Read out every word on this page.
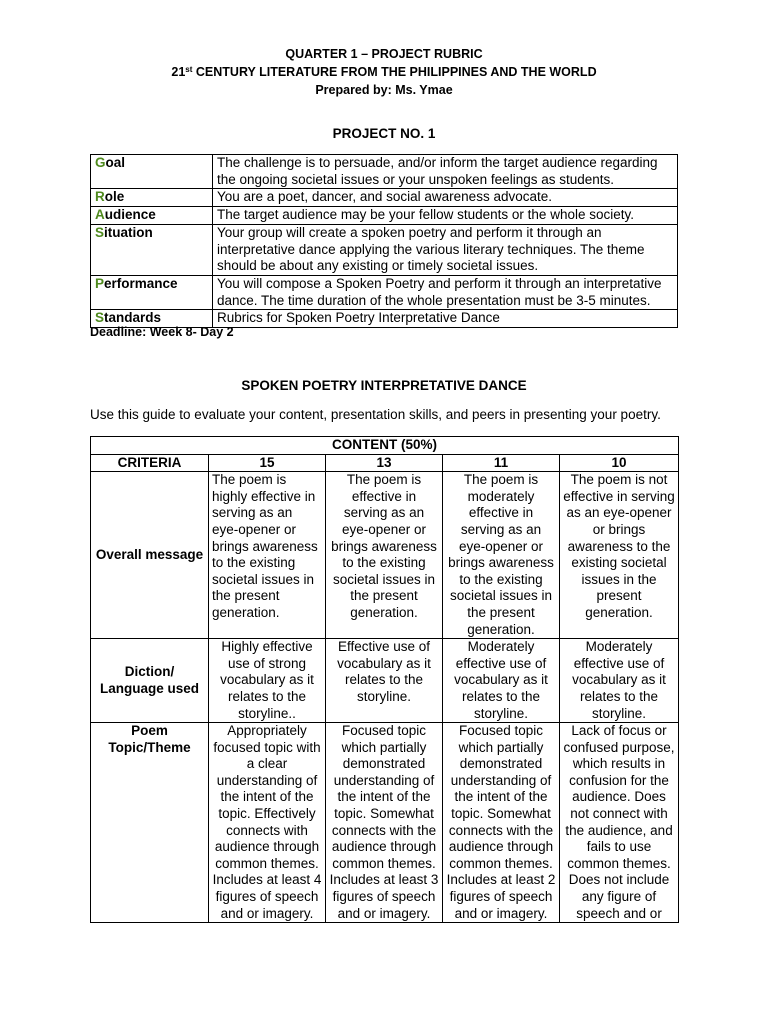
QUARTER 1 – PROJECT RUBRIC
21st CENTURY LITERATURE FROM THE PHILIPPINES AND THE WORLD
Prepared by: Ms. Ymae
PROJECT NO. 1
Goal	The challenge is to persuade, and/or inform the target audience regarding the ongoing societal issues or your unspoken feelings as students.
Role	You are a poet, dancer, and social awareness advocate.
Audience	The target audience may be your fellow students or the whole society.
Situation	Your group will create a spoken poetry and perform it through an interpretative dance applying the various literary techniques. The theme should be about any existing or timely societal issues.
Performance	You will compose a Spoken Poetry and perform it through an interpretative dance. The time duration of the whole presentation must be 3-5 minutes.
Standards	Rubrics for Spoken Poetry Interpretative Dance
Deadline: Week 8- Day 2
SPOKEN POETRY INTERPRETATIVE DANCE
Use this guide to evaluate your content, presentation skills, and peers in presenting your poetry.
CONTENT (50%)				
CRITERIA	15	13	11	10
Overall message	The poem is highly effective in serving as an eye-opener or brings awareness to the existing societal issues in the present generation.	The poem is effective in serving as an eye-opener or brings awareness to the existing societal issues in the present generation.	The poem is moderately effective in serving as an eye-opener or brings awareness to the existing societal issues in the present generation.	The poem is not effective in serving as an eye-opener or brings awareness to the existing societal issues in the present generation.
Diction/ Language used	Highly effective use of strong vocabulary as it relates to the storyline..	Effective use of vocabulary as it relates to the storyline.	Moderately effective use of vocabulary as it relates to the storyline.	Moderately effective use of vocabulary as it relates to the storyline.
Poem Topic/Theme	Appropriately focused topic with a clear understanding of the intent of the topic. Effectively connects with audience through common themes. Includes at least 4 figures of speech and or imagery.	Focused topic which partially demonstrated understanding of the intent of the topic. Somewhat connects with the audience through common themes. Includes at least 3 figures of speech and or imagery.	Focused topic which partially demonstrated understanding of the intent of the topic. Somewhat connects with the audience through common themes. Includes at least 2 figures of speech and or imagery.	Lack of focus or confused purpose, which results in confusion for the audience. Does not connect with the audience, and fails to use common themes. Does not include any figure of speech and or
